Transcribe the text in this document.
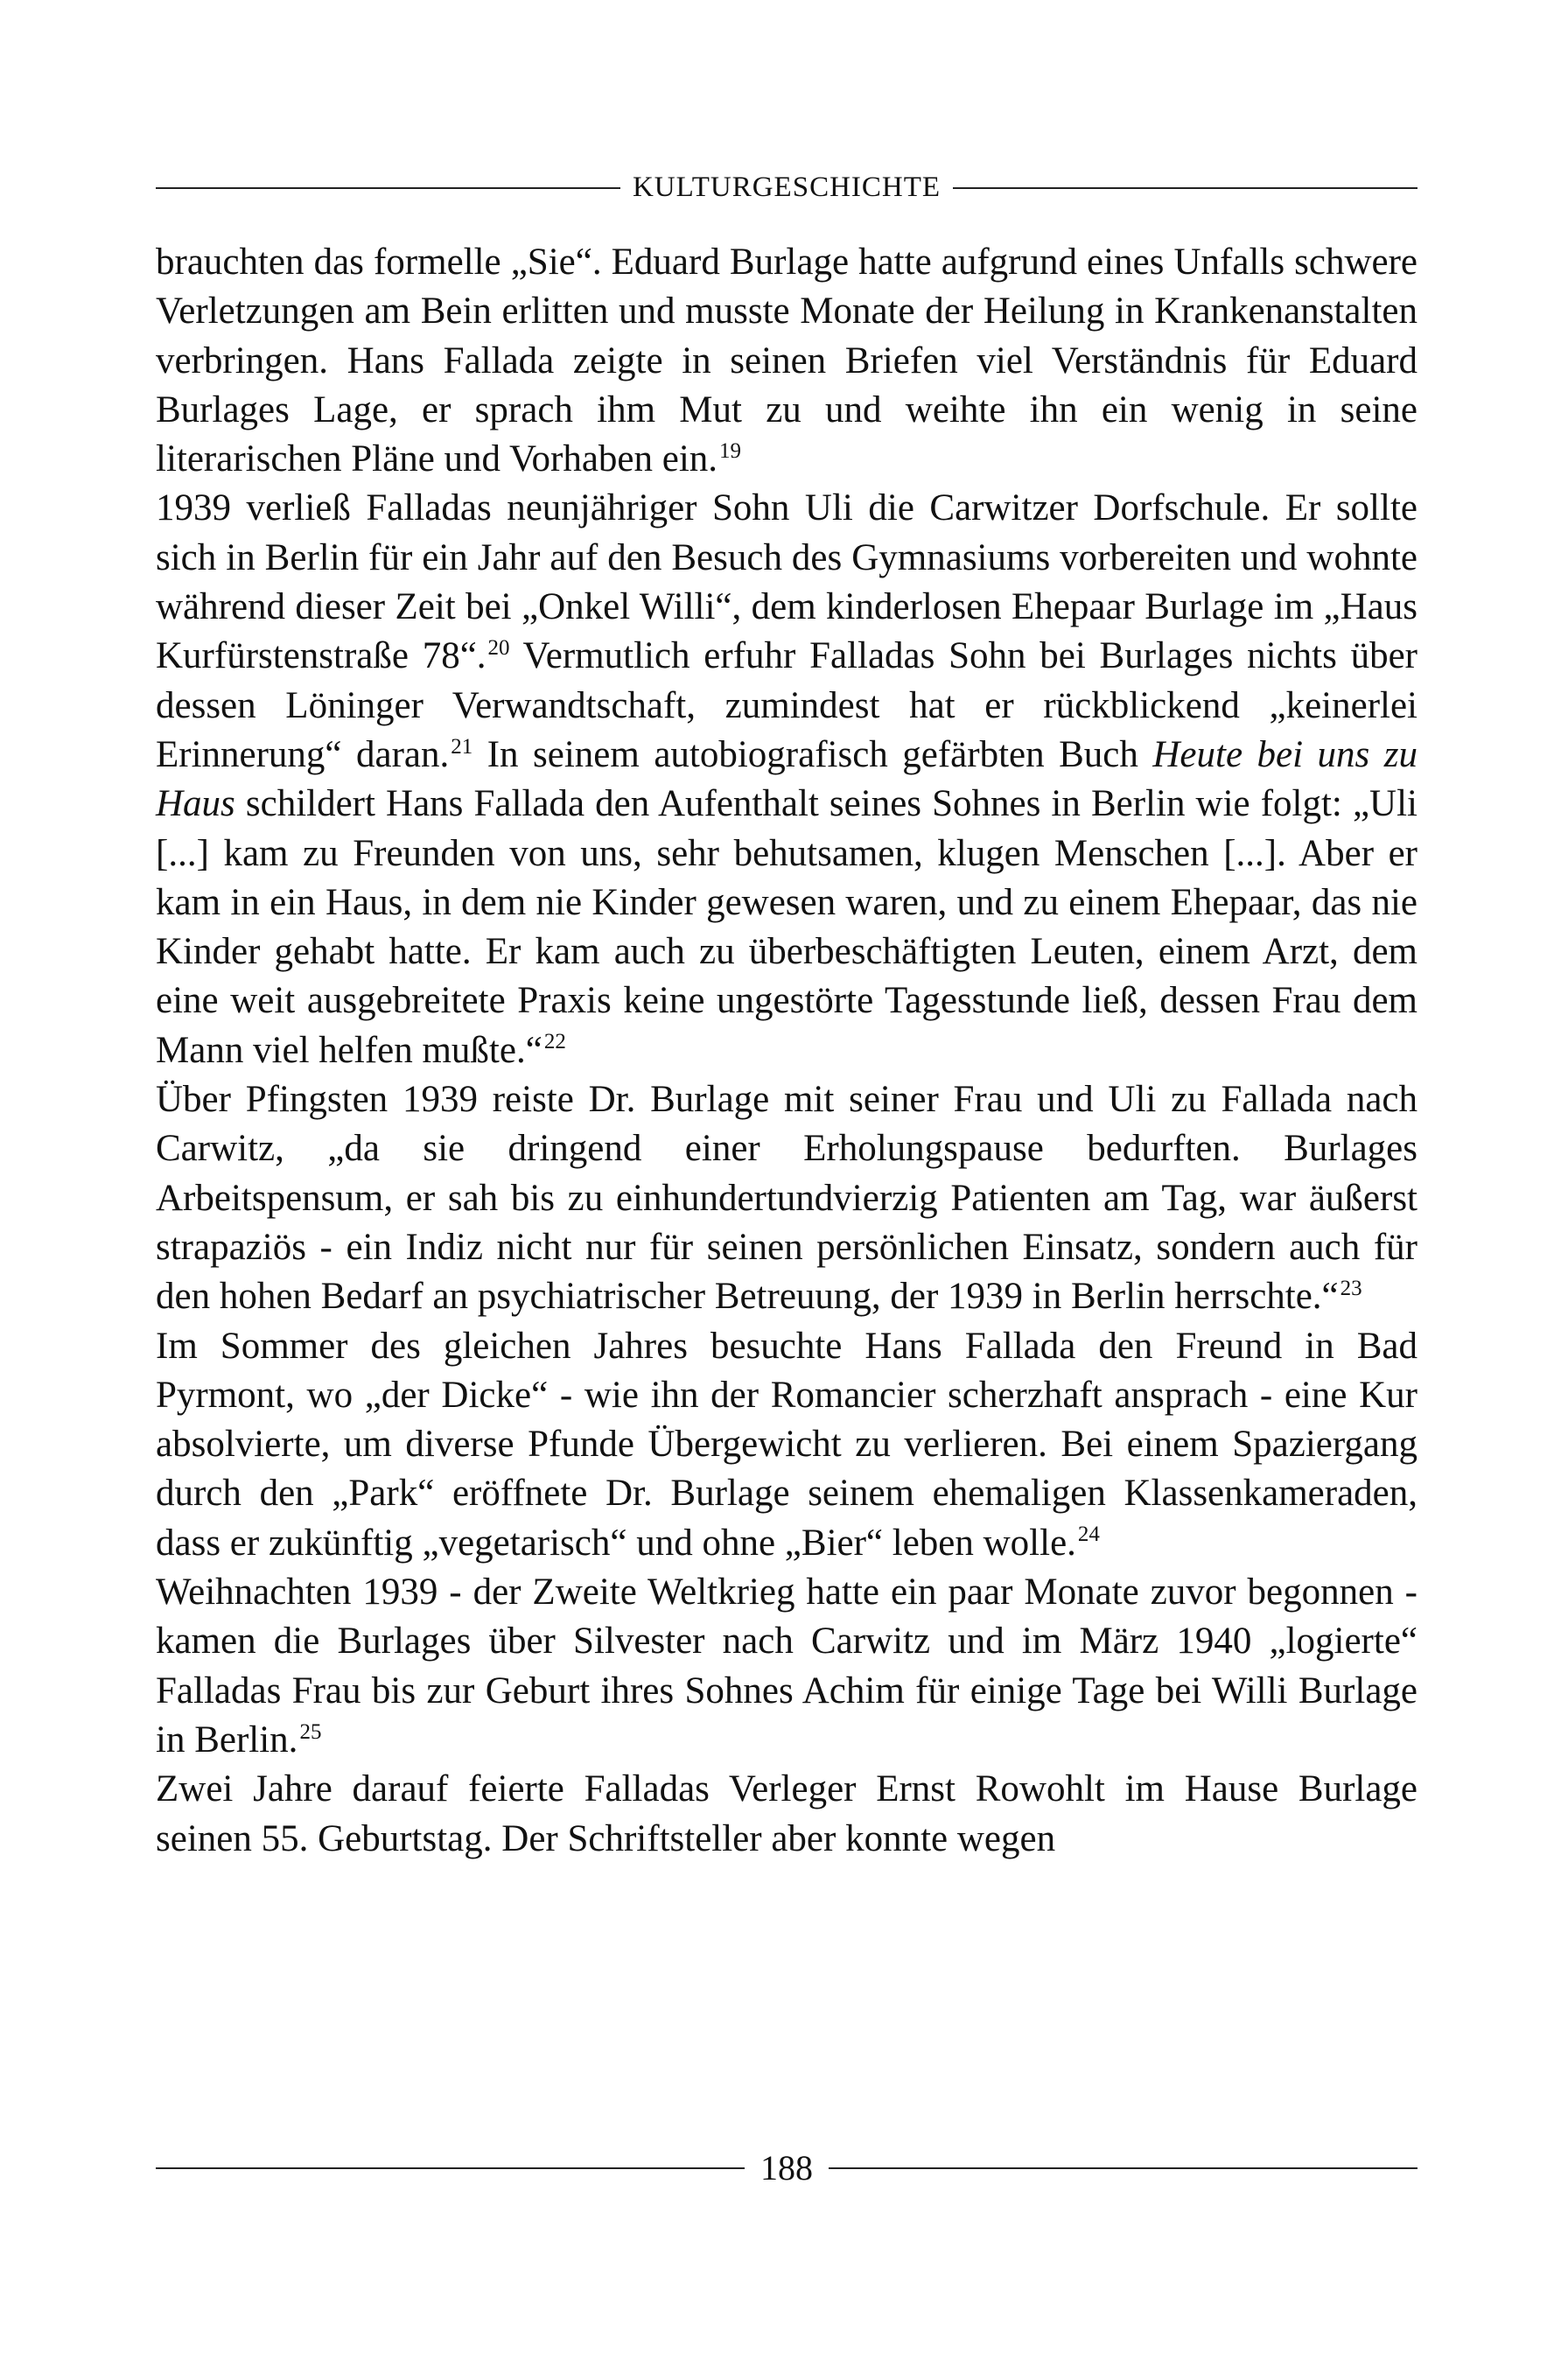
KULTURGESCHICHTE

brauchten das formelle „Sie“. Eduard Burlage hatte aufgrund eines Unfalls schwere Verletzungen am Bein erlitten und musste Monate der Heilung in Krankenanstalten verbringen. Hans Fallada zeigte in seinen Briefen viel Verständnis für Eduard Burlages Lage, er sprach ihm Mut zu und weihte ihn ein wenig in seine literarischen Pläne und Vorhaben ein.$^{19}$

1939 verließ Falladas neunjähriger Sohn Uli die Carwitzer Dorfschule. Er sollte sich in Berlin für ein Jahr auf den Besuch des Gymnasiums vorbereiten und wohnte während dieser Zeit bei „Onkel Willi“, dem kinderlosen Ehepaar Burlage im „Haus Kurfürstenstraße 78“.$^{20}$ Vermutlich erfuhr Falladas Sohn bei Burlages nichts über dessen Löninger Verwandtschaft, zumindest hat er rückblickend „keinerlei Erinnerung“ daran.$^{21}$ In seinem autobiografisch gefärbten Buch Heute bei uns zu Haus schildert Hans Fallada den Aufenthalt seines Sohnes in Berlin wie folgt: „Uli [...] kam zu Freunden von uns, sehr behutsamen, klugen Menschen [...]. Aber er kam in ein Haus, in dem nie Kinder gewesen waren, und zu einem Ehepaar, das nie Kinder gehabt hatte. Er kam auch zu überbeschäftigten Leuten, einem Arzt, dem eine weit ausgebreitete Praxis keine ungestörte Tagesstunde ließ, dessen Frau dem Mann viel helfen mußte.“$^{22}$

Über Pfingsten 1939 reiste Dr. Burlage mit seiner Frau und Uli zu Fallada nach Carwitz, „da sie dringend einer Erholungspause bedurften. Burlages Arbeitspensum, er sah bis zu einhundertundvierzig Patienten am Tag, war äußerst strapaziös - ein Indiz nicht nur für seinen persönlichen Einsatz, sondern auch für den hohen Bedarf an psychiatrischer Betreuung, der 1939 in Berlin herrschte.“$^{23}$

Im Sommer des gleichen Jahres besuchte Hans Fallada den Freund in Bad Pyrmont, wo „der Dicke“ - wie ihn der Romancier scherzhaft ansprach - eine Kur absolvierte, um diverse Pfunde Übergewicht zu verlieren. Bei einem Spaziergang durch den „Park“ eröffnete Dr. Burlage seinem ehemaligen Klassenkameraden, dass er zukünftig „vegetarisch“ und ohne „Bier“ leben wolle.$^{24}$

Weihnachten 1939 - der Zweite Weltkrieg hatte ein paar Monate zuvor begonnen - kamen die Burlages über Silvester nach Carwitz und im März 1940 „logierte“ Falladas Frau bis zur Geburt ihres Sohnes Achim für einige Tage bei Willi Burlage in Berlin.$^{25}$

Zwei Jahre darauf feierte Falladas Verleger Ernst Rowohlt im Hause Burlage seinen 55. Geburtstag. Der Schriftsteller aber konnte wegen

188
